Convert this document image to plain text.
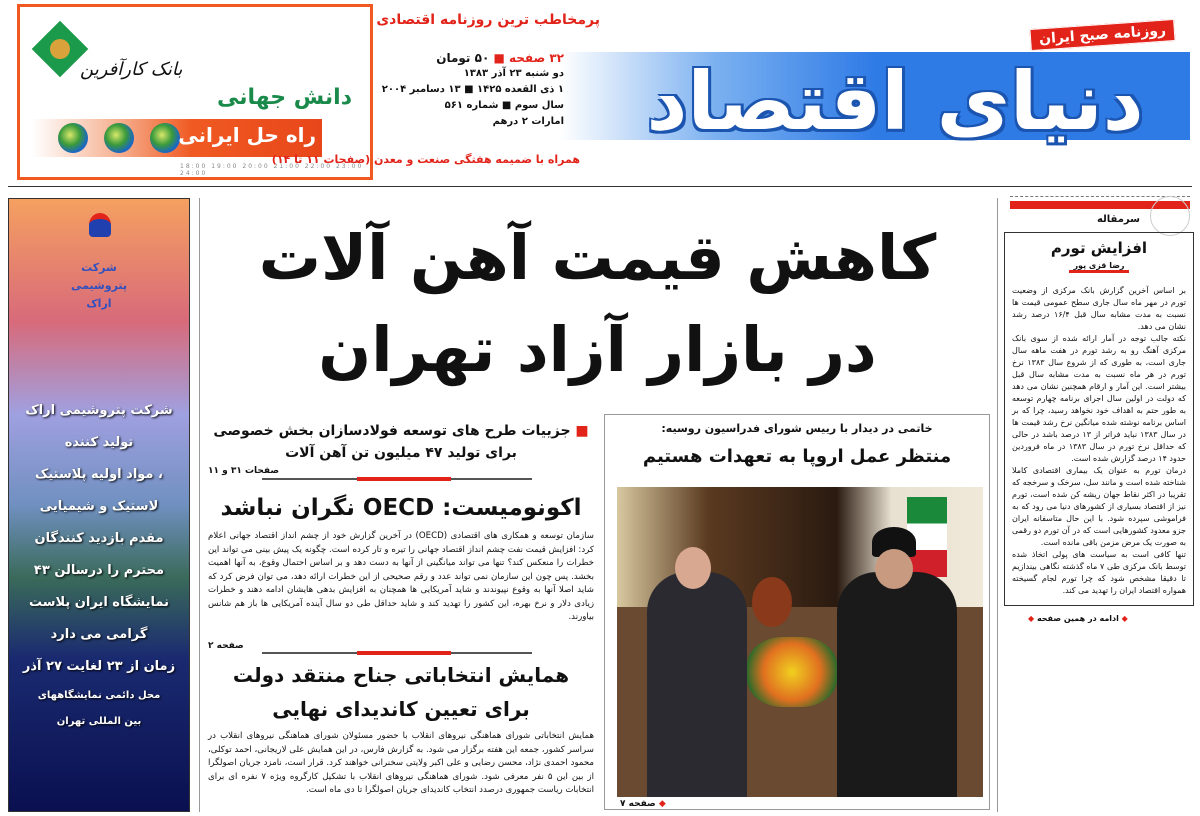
بانک کارآفرین
دانش جهانی
راه حل ایرانی
18:00 19:00 20:00 21:00 22:00 23:00 24:00
پرمخاطب ترین روزنامه اقتصادی
دنیای اقتصاد
روزنامه صبح ایران
۳۲ صفحه ■ ۵۰ تومان
دو شنبه ۲۳ آذر ۱۳۸۳
۱ ذی القعده ۱۴۲۵ ■ ۱۳ دسامبر ۲۰۰۴
سال سوم ■ شماره ۵۶۱
امارات ۲ درهم
همراه با ضمیمه هفتگی صنعت و معدن (صفحات ۱۱ تا ۱۴)
شرکت
پتروشیمی
اراک

شرکت پتروشیمی اراک

تولید کننده

مواد اولیه پلاستیک ،

لاستیک و شیمیایی

مقدم بازدید کنندگان

محترم را درسالن ۴۳

نمایشگاه ایران پلاست

گرامی می دارد

زمان از ۲۳ لغایت ۲۷ آذر

محل دائمی نمایشگاههای

بین المللی تهران

کاهش قیمت آهن آلات
در بازار آزاد تهران
■ جزییات طرح های توسعه فولادسازان بخش خصوصی
برای تولید ۴۷ میلیون تن آهن آلات
صفحات ۳۱ و ۱۱
اکونومیست: OECD نگران نباشد
سازمان توسعه و همکاری های اقتصادی (OECD) در آخرین گزارش خود از چشم انداز اقتصاد جهانی اعلام کرد: افزایش قیمت نفت چشم انداز اقتصاد جهانی را تیره و تار کرده است. چگونه یک پیش بینی می تواند این خطرات را منعکس کند؟ تنها می تواند میانگینی از آنها به دست دهد و بر اساس احتمال وقوع، به آنها اهمیت بخشد. پس چون این سازمان نمی تواند عدد و رقم صحیحی از این خطرات ارائه دهد، می توان فرض کرد که شاید اصلا آنها به وقوع نپیوندند و شاید آمریکایی ها همچنان به افزایش بدهی هایشان ادامه دهند و خطرات زیادی دلار و نرخ بهره، این کشور را تهدید کند و شاید حداقل طی دو سال آینده آمریکایی ها باز هم شانس بیاورند.
صفحه ۲
همایش انتخاباتی جناح منتقد دولت
برای تعیین کاندیدای نهایی
همایش انتخاباتی شورای هماهنگی نیروهای انقلاب با حضور مسئولان شورای هماهنگی نیروهای انقلاب در سراسر کشور، جمعه این هفته برگزار می شود. به گزارش فارس، در این همایش علی لاریجانی، احمد توکلی، محمود احمدی نژاد، محسن رضایی و علی اکبر ولایتی سخنرانی خواهند کرد. قرار است، نامزد جریان اصولگرا از بین این ۵ نفر معرفی شود. شورای هماهنگی نیروهای انقلاب با تشکیل کارگروه ویژه ۷ نفره ای برای انتخابات ریاست جمهوری درصدد انتخاب کاندیدای جریان اصولگرا تا دی ماه است.
خاتمی در دیدار با رییس شورای فدراسیون روسیه:
منتظر عمل اروپا به تعهدات هستیم
◆ صفحه ۷
سرمقاله
افزایش تورم
رضا قزی پور

بر اساس آخرین گزارش بانک مرکزی از وضعیت تورم در مهر ماه سال جاری سطح عمومی قیمت ها نسبت به مدت مشابه سال قبل ۱۶/۴ درصد رشد نشان می دهد.

نکته جالب توجه در آمار ارائه شده از سوی بانک مرکزی آهنگ رو به رشد تورم در هفت ماهه سال جاری است، به طوری که از شروع سال ۱۳۸۳ نرخ تورم در هر ماه نسبت به مدت مشابه سال قبل بیشتر است. این آمار و ارقام همچنین نشان می دهد که دولت در اولین سال اجرای برنامه چهارم توسعه به طور حتم به اهداف خود نخواهد رسید، چرا که بر اساس برنامه نوشته شده میانگین نرخ رشد قیمت ها در سال ۱۳۸۳ نباید فراتر از ۱۳ درصد باشد در حالی که حداقل نرخ تورم در سال ۱۳۸۳ در ماه فروردین حدود ۱۴ درصد گزارش شده است.

درمان تورم به عنوان یک بیماری اقتصادی کاملا شناخته شده است و مانند سل، سرخک و سرخجه که تقریبا در اکثر نقاط جهان ریشه کن شده است، تورم نیز از اقتصاد بسیاری از کشورهای دنیا می رود که به فراموشی سپرده شود. با این حال متاسفانه ایران جزو معدود کشورهایی است که در آن تورم دو رقمی به صورت یک مرض مزمن باقی مانده است.

تنها کافی است به سیاست های پولی اتخاذ شده توسط بانک مرکزی طی ۷ ماه گذشته نگاهی بیندازیم تا دقیقا مشخص شود که چرا تورم لجام گسیخته همواره اقتصاد ایران را تهدید می کند.

◆ ادامه در همین صفحه ◆
